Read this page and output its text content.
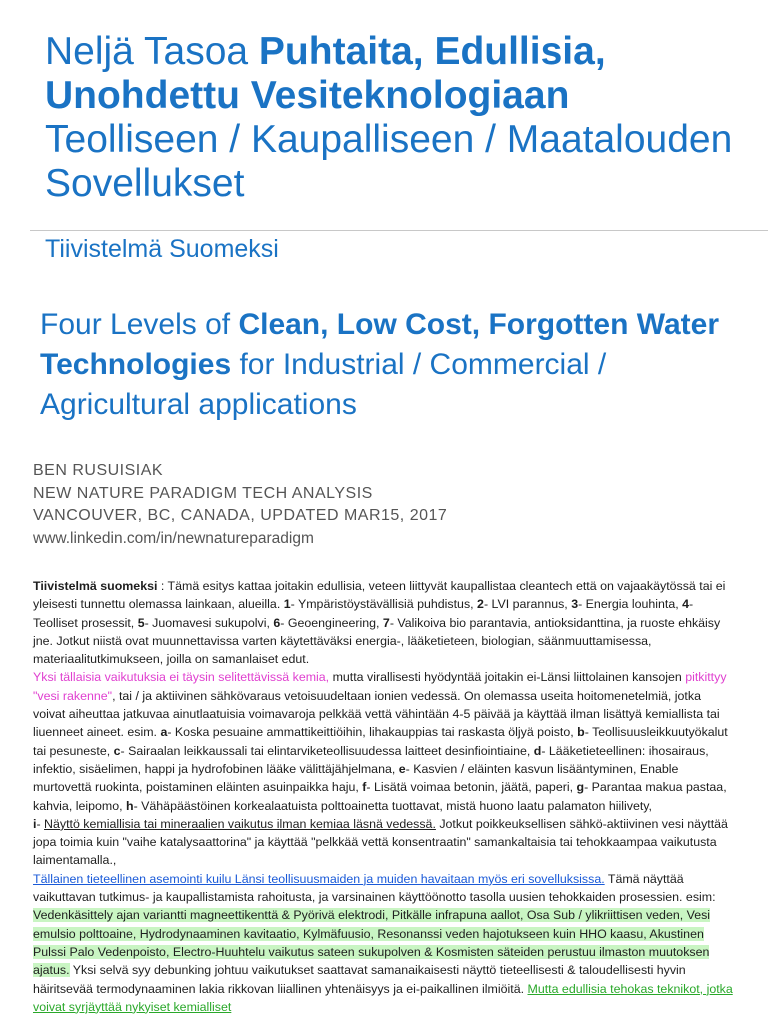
Neljä Tasoa Puhtaita, Edullisia, Unohdettu Vesiteknologiaan Teolliseen / Kaupalliseen / Maatalouden Sovellukset
Tiivistelmä Suomeksi
Four Levels of Clean, Low Cost, Forgotten Water Technologies for Industrial / Commercial / Agricultural applications
BEN RUSUISIAK
NEW NATURE PARADIGM TECH ANALYSIS
VANCOUVER, BC, CANADA, UPDATED MAR15, 2017
www.linkedin.com/in/newnatureparadigm

Tiivistelmä suomeksi : Tämä esitys kattaa joitakin edullisia, veteen liittyvät kaupallistaa cleantech että on vajaakäytössä tai ei yleisesti tunnettu olemassa lainkaan, alueilla. 1- Ympäristöystävällisiä puhdistus, 2- LVI parannus, 3- Energia louhinta, 4- Teolliset prosessit, 5- Juomavesi sukupolvi, 6- Geoengineering, 7- Valikoiva bio parantavia, antioksidanttina, ja ruoste ehkäisy jne. Jotkut niistä ovat muunnettavissa varten käytettäväksi energia-, lääketieteen, biologian, säänmuuttamisessa, materiaalitutkimukseen, joilla on samanlaiset edut.

Yksi tällaisia vaikutuksia ei täysin selitettävissä kemia, mutta virallisesti hyödyntää joitakin ei-Länsi liittolainen kansojen pitkittyy "vesi rakenne", tai / ja aktiivinen sähkövaraus vetoisuudeltaan ionien vedessä. On olemassa useita hoitomenetelmiä, jotka voivat aiheuttaa jatkuvaa ainutlaatuisia voimavaroja pelkkää vettä vähintään 4-5 päivää ja käyttää ilman lisättyä kemiallista tai liuenneet aineet. esim. a- Koska pesuaine ammattikeittiöihin, lihakauppias tai raskasta öljyä poisto, b- Teollisuusleikkuutyökalut tai pesuneste, c- Sairaalan leikkaussali tai elintarviketeollisuudessa laitteet desinfiointiaine, d- Lääketieteellinen: ihosairaus, infektio, sisäelimen, happi ja hydrofobinen lääke välittäjähjelmana, e- Kasvien / eläinten kasvun lisääntyminen, Enable murtovettä ruokinta, poistaminen eläinten asuinpaikka haju, f- Lisätä voimaa betonin, jäätä, paperi, g- Parantaa makua pastaa, kahvia, leipomo, h- Vähäpäästöinen korkealaatuista polttoainetta tuottavat, mistä huono laatu palamaton hiilivety,
i- Näyttö kemiallisia tai mineraalien vaikutus ilman kemiaa läsnä vedessä. Jotkut poikkeuksellisen sähkö-aktiivinen vesi näyttää jopa toimia kuin "vaihe katalysaattorina" ja käyttää "pelkkää vettä konsentraatin" samankaltaisia tai tehokkaampaa vaikutusta laimentamalla.,

Tällainen tieteellinen asemointi kuilu Länsi teollisuusmaiden ja muiden havaitaan myös eri sovelluksissa. Tämä näyttää vaikuttavan tutkimus- ja kaupallistamista rahoitusta, ja varsinainen käyttöönotto tasolla uusien tehokkaiden prosessien. esim: Vedenkäsittely ajan variantti magneettikenttä & Pyörivä elektrodi, Pitkälle infrapuna aallot, Osa Sub / ylikriittisen veden, Vesi emulsio polttoaine, Hydrodynaaminen kavitaatio, Kylmäfuusio, Resonanssi veden hajotukseen kuin HHO kaasu, Akustinen Pulssi Palo Vedenpoisto, Electro-Huuhtelu vaikutus sateen sukupolven & Kosmisten säteiden perustuu ilmaston muutoksen ajatus. Yksi selvä syy debunking johtuu vaikutukset saattavat samanaikaisesti näyttö tieteellisesti & taloudellisesti hyvin häiritsevää termodynaaminen lakia rikkovan liiallinen yhtenäisyys ja ei-paikallinen ilmiöitä. Mutta edullisia tehokas teknikot, jotka voivat syrjäyttää nykyiset kemialliset
